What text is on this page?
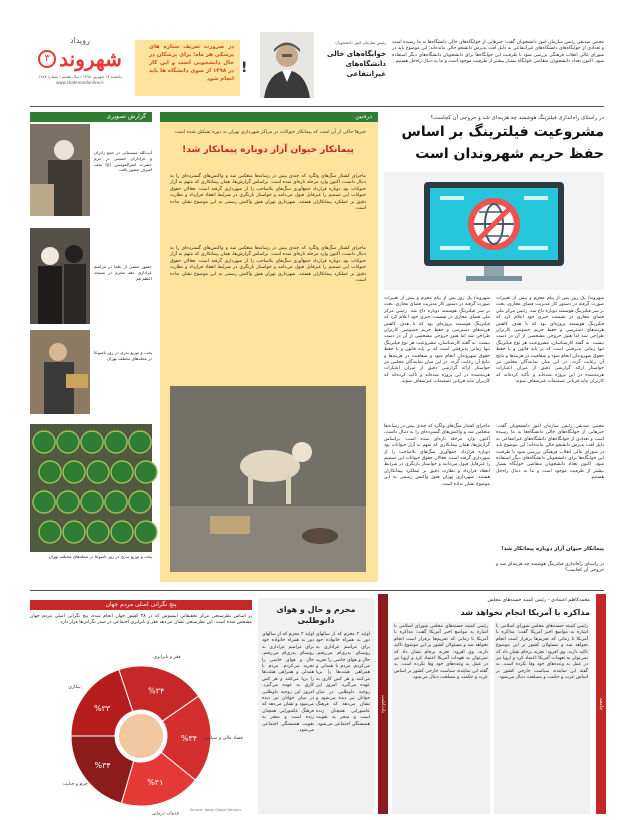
رویداد
۳ شهروند
یکشنبه ۱۷ شهریور ۱۳۹۸ | سال هشتم | شماره ۱۷۸۸
www.shahrvandonline.ir
در ضرورت تعریف ستاره های پزشکی هر ماه؛ برای پزشکان در حال دانشجویی است و این کار در ۱۳۹۸ از سوی دانشگاه ها باید انجام شود
!
رئیس سازمان امور دانشجویان
خوابگاه‌های خالی دانشگاه‌های غیرانتفاعی
مجتبی صدیقی رئیس سازمان امور دانشجویان گفت: خبرهایی از خوابگاه‌های خالی دانشگاه‌ها به ما رسیده است و تعدادی از خوابگاه‌های دانشگاه‌های غیرانتفاعی به دلیل افت پذیرش دانشجو خالی مانده‌اند؛ این موضوع باید در شورای عالی انقلاب فرهنگی بررسی شود تا ظرفیت این خوابگاه‌ها برای دانشجویان دانشگاه‌های دیگر استفاده شود. اکنون تعداد دانشجویان متقاضی خوابگاه بسیار بیشتر از ظرفیت موجود است و ما به دنبال راه‌حل هستیم.
گزارش تصویری	ذره‌بین
آیت‌الله سیستانی در جمع زائران و عزاداران حسینی در حرم حضرت امیرالمومنین (ع) نجف اشرف حضور یافت
حضور جمعی از علما در مراسم عزاداری دهه محرم در مسجد اعظم قم
پخت و توزیع نذری در روز تاسوعا در محله‌های مختلف تهران
پخت و توزیع نذری در روز تاسوعا در محله‌های مختلف تهران
خبرها حاکی از آن است که پیمانکار حیوانات در مراکز شهرداری تهران به دوره تشکیل شده است
پیمانکار حیوان آزار دوباره پیمانکار شد!
ماجرای کشتار سگ‌های ولگرد که چندی پیش در رسانه‌ها منعکس شد و واکنش‌های گسترده‌ای را به دنبال داشت، اکنون وارد مرحله تازه‌ای شده است. براساس گزارش‌ها، همان پیمانکاری که متهم به آزار حیوانات بود دوباره قرارداد جمع‌آوری سگ‌های بلاصاحب را از شهرداری گرفته است. فعالان حقوق حیوانات این تصمیم را غیرقابل قبول می‌دانند و خواستار بازنگری در شرایط انعقاد قرارداد و نظارت دقیق بر عملکرد پیمانکاران هستند. شهرداری تهران هنوز واکنش رسمی به این موضوع نشان نداده است.
ماجرای کشتار سگ‌های ولگرد که چندی پیش در رسانه‌ها منعکس شد و واکنش‌های گسترده‌ای را به دنبال داشت، اکنون وارد مرحله تازه‌ای شده است. براساس گزارش‌ها، همان پیمانکاری که متهم به آزار حیوانات بود دوباره قرارداد جمع‌آوری سگ‌های بلاصاحب را از شهرداری گرفته است. فعالان حقوق حیوانات این تصمیم را غیرقابل قبول می‌دانند و خواستار بازنگری در شرایط انعقاد قرارداد و نظارت دقیق بر عملکرد پیمانکاران هستند. شهرداری تهران هنوز واکنش رسمی به این موضوع نشان نداده است.
در راستای راه‌اندازی فیلترینگ هوشمند چه هزینه‌ای شد و خروجی آن کجاست؟
مشروعیت فیلترینگ بر اساس
حفظ حریم شهروندان است
شهروند/ یک روز پس از پیام محرم و پیش از تغییرات صورت گرفته در دستور کار مدیریت فضای مجازی، بحث بر سر فیلترینگ هوشمند دوباره داغ شد. رئیس مرکز ملی فضای مجازی در نشست خبری خود اعلام کرد که فیلترینگ هوشمند پروژه‌ای بود که با هدف کاهش هزینه‌های دسترسی و حفظ حریم خصوصی کاربران طراحی شد اما هنوز خروجی مشخصی از آن در دست نیست. به گفته کارشناسان، مشروعیت هر نوع فیلترینگ تنها زمانی پذیرفتنی است که بر پایه قانون و با حفظ حقوق شهروندان انجام شود و شفافیت در هزینه‌ها و نتایج آن رعایت گردد. در این میان نمایندگان مجلس نیز خواستار ارائه گزارشی دقیق از میزان اعتبارات هزینه‌شده در این پروژه شده‌اند و تأکید کرده‌اند که کاربران نباید قربانی تصمیمات غیرشفاف شوند.
شهروند/ یک روز پس از پیام محرم و پیش از تغییرات صورت گرفته در دستور کار مدیریت فضای مجازی، بحث بر سر فیلترینگ هوشمند دوباره داغ شد. رئیس مرکز ملی فضای مجازی در نشست خبری خود اعلام کرد که فیلترینگ هوشمند پروژه‌ای بود که با هدف کاهش هزینه‌های دسترسی و حفظ حریم خصوصی کاربران طراحی شد اما هنوز خروجی مشخصی از آن در دست نیست. به گفته کارشناسان، مشروعیت هر نوع فیلترینگ تنها زمانی پذیرفتنی است که بر پایه قانون و با حفظ حقوق شهروندان انجام شود و شفافیت در هزینه‌ها و نتایج آن رعایت گردد. در این میان نمایندگان مجلس نیز خواستار ارائه گزارشی دقیق از میزان اعتبارات هزینه‌شده در این پروژه شده‌اند و تأکید کرده‌اند که کاربران نباید قربانی تصمیمات غیرشفاف شوند.
مجتبی صدیقی رئیس سازمان امور دانشجویان گفت: خبرهایی از خوابگاه‌های خالی دانشگاه‌ها به ما رسیده است و تعدادی از خوابگاه‌های دانشگاه‌های غیرانتفاعی به دلیل افت پذیرش دانشجو خالی مانده‌اند؛ این موضوع باید در شورای عالی انقلاب فرهنگی بررسی شود تا ظرفیت این خوابگاه‌ها برای دانشجویان دانشگاه‌های دیگر استفاده شود. اکنون تعداد دانشجویان متقاضی خوابگاه بسیار بیشتر از ظرفیت موجود است و ما به دنبال راه‌حل هستیم.
ماجرای کشتار سگ‌های ولگرد که چندی پیش در رسانه‌ها منعکس شد و واکنش‌های گسترده‌ای را به دنبال داشت، اکنون وارد مرحله تازه‌ای شده است. براساس گزارش‌ها، همان پیمانکاری که متهم به آزار حیوانات بود دوباره قرارداد جمع‌آوری سگ‌های بلاصاحب را از شهرداری گرفته است. فعالان حقوق حیوانات این تصمیم را غیرقابل قبول می‌دانند و خواستار بازنگری در شرایط انعقاد قرارداد و نظارت دقیق بر عملکرد پیمانکاران هستند. شهرداری تهران هنوز واکنش رسمی به این موضوع نشان نداده است.
پیمانکار حیوان آزار دوباره پیمانکار شد!
در راستای راه‌اندازی فیلترینگ هوشمند چه هزینه‌ای شد و خروجی آن کجاست؟
جامعه
محمدکاظم اعتمادی - رئیس کمیته حسنه‌های مجلس
مذاکره با آمریکا انجام نخواهد شد
رئیس کمیته حسنه‌های مجلس شورای اسلامی با اشاره به مواضع اخیر آمریکا گفت: مذاکره با آمریکا تا زمانی که تحریم‌ها برقرار است انجام نخواهد شد و مسئولان کشور بر این موضوع تاکید دارند. وی افزود: تجربه برجام نشان داد که نمی‌توان به تعهدات آمریکا اعتماد کرد و اروپا نیز در عمل به وعده‌های خود وفا نکرده است. به گفته این نماینده، سیاست خارجی کشور بر اساس عزت و حکمت و مصلحت دنبال می‌شود.
رئیس کمیته حسنه‌های مجلس شورای اسلامی با اشاره به مواضع اخیر آمریکا گفت: مذاکره با آمریکا تا زمانی که تحریم‌ها برقرار است انجام نخواهد شد و مسئولان کشور بر این موضوع تاکید دارند. وی افزود: تجربه برجام نشان داد که نمی‌توان به تعهدات آمریکا اعتماد کرد و اروپا نیز در عمل به وعده‌های خود وفا نکرده است. به گفته این نماینده، سیاست خارجی کشور بر اساس عزت و حکمت و مصلحت دنبال می‌شود.
یادداشت
محرم و حال و هوای دانوطلبی
اولیه ۲ محرم که از سالهای دور به همراه خانواده خود برای مراسم عزاداری به روستای پدری‌ام می‌رفتم، حال و هوای خاصی را تجربه می‌کردم. مردم با همدلی و همراهی هیئت‌ها را برپا می‌کنند و هر کس کاری به عهده می‌گیرد. امروز این روحیه داوطلبی در میان جوانان نیز دیده می‌شود و نشان می‌دهد که فرهنگ عاشورایی همچنان زنده است و منجر به تقویت همبستگی اجتماعی می‌شود.
اولیه ۲ محرم که از سالهای دور به همراه خانواده خود برای مراسم عزاداری به روستای پدری‌ام می‌رفتم، حال و هوای خاصی را تجربه می‌کردم. مردم با همدلی و همراهی هیئت‌ها را برپا می‌کنند و هر کس کاری به عهده می‌گیرد. امروز این روحیه داوطلبی در میان جوانان نیز دیده می‌شود و نشان می‌دهد که فرهنگ عاشورایی همچنان زنده است و منجر به تقویت همبستگی اجتماعی می‌شود.
پنج نگرانی اصلی مردم جهان
بر اساس نظرسنجی مرکز تحقیقاتی ایپسوس که در ۲۸ کشور جهان انجام شده، پنج نگرانی اصلی مردم جهان مشخص شده است. این نظرسنجی نشان می‌دهد فقر و نابرابری اجتماعی در صدر نگرانی‌ها قرار دارد.
%۳۳
بیکاری	%۳۴
فقر و نابرابری
%۳۴ فساد مالی و سیاسی
%۳۱
خدمات درمانی
%۳۴
جرم و جنایت
Source: Ipsos Global Advisor
